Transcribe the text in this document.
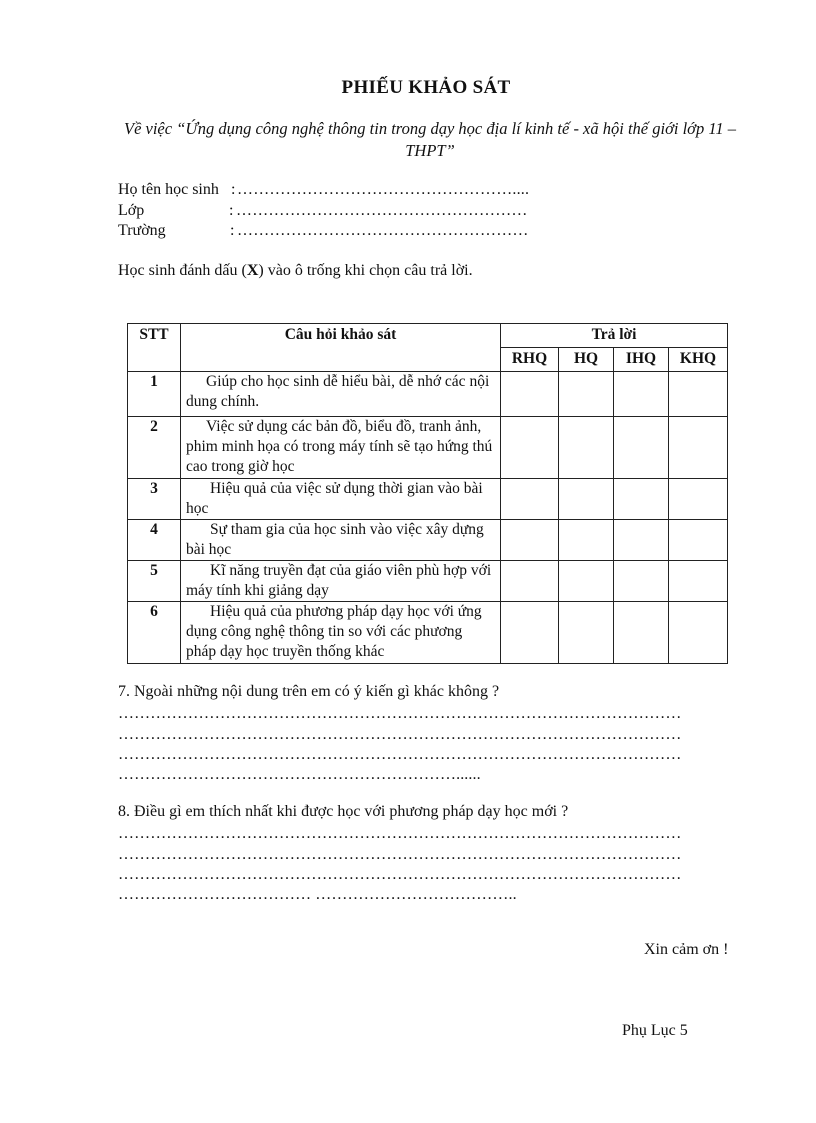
PHIẾU KHẢO SÁT
Về việc “Ứng dụng công nghệ thông tin trong dạy học địa lí kinh tế - xã hội thế giới lớp 11 – THPT”
Họ tên học sinh : ……………………………………………....
Lớp	: ………………………………………………
Trường	: ………………………………………………
Học sinh đánh dấu (X) vào ô trống khi chọn câu trả lời.
STT	Câu hỏi khảo sát	Trả lời			
		RHQ	HQ	IHQ	KHQ
1	Giúp cho học sinh dễ hiểu bài, dễ nhớ các nội dung chính.				
2	Việc sử dụng các bản đồ, biểu đồ, tranh ảnh, phim minh họa có trong máy tính sẽ tạo hứng thú cao trong giờ học				
3	Hiệu quả của việc sử dụng thời gian vào bài học				
4	Sự tham gia của học sinh vào việc xây dựng bài học				
5	Kĩ năng truyền đạt của giáo viên phù hợp với máy tính khi giảng dạy				
6	Hiệu quả của phương pháp dạy học với ứng dụng công nghệ thông tin so với các phương pháp dạy học truyền thống khác				
7. Ngoài những nội dung trên em có ý kiến gì khác không ?
……………………………………………………………………………………………
……………………………………………………………………………………………
……………………………………………………………………………………………
………………………………………………………......
8. Điều gì em thích nhất khi được học với phương pháp dạy học mới ?
……………………………………………………………………………………………
……………………………………………………………………………………………
……………………………………………………………………………………………
……………………………… ………………………………..
Xin cảm ơn !
Phụ Lục 5
